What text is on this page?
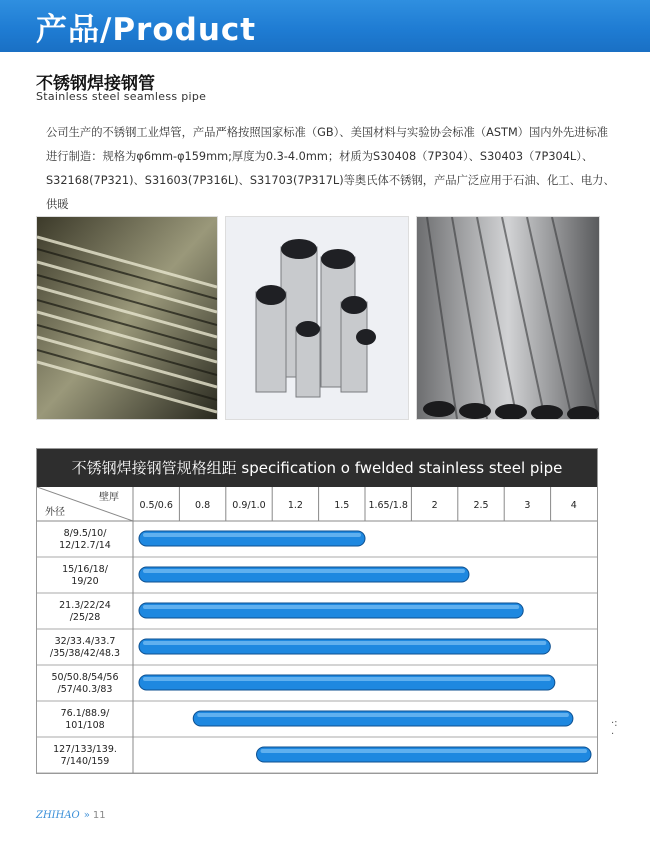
产品/Product
不锈钢焊接钢管
Stainless steel seamless pipe

公司生产的不锈钢工业焊管，产品严格按照国家标准（GB）、美国材料与实验协会标准（ASTM）国内外先进标准

进行制造：规格为φ6mm-φ159mm;厚度为0.3-4.0mm；材质为S30408（7P304）、S30403（7P304L）、

S32168(7P321)、S31603(7P316L)、S31703(7P317L)等奥氏体不锈钢，产品广泛应用于石油、化工、电力、供暖

不锈钢焊接钢管规格组距 specification o fwelded stainless steel pipe
壁厚
外径
0.5/0.6 0.8 0.9/1.0 1.2	1.5 1.65/1.8 2	2.5	3	4
8/9.5/10/
12/12.7/14
15/16/18/
19/20
21.3/22/24
/25/28
32/33.4/33.7
/35/38/42/48.3
50/50.8/54/56
/57/40.3/83
76.1/88.9/
101/108
127/133/139.
7/140/159
·:
·
ZHIHAO » 11
